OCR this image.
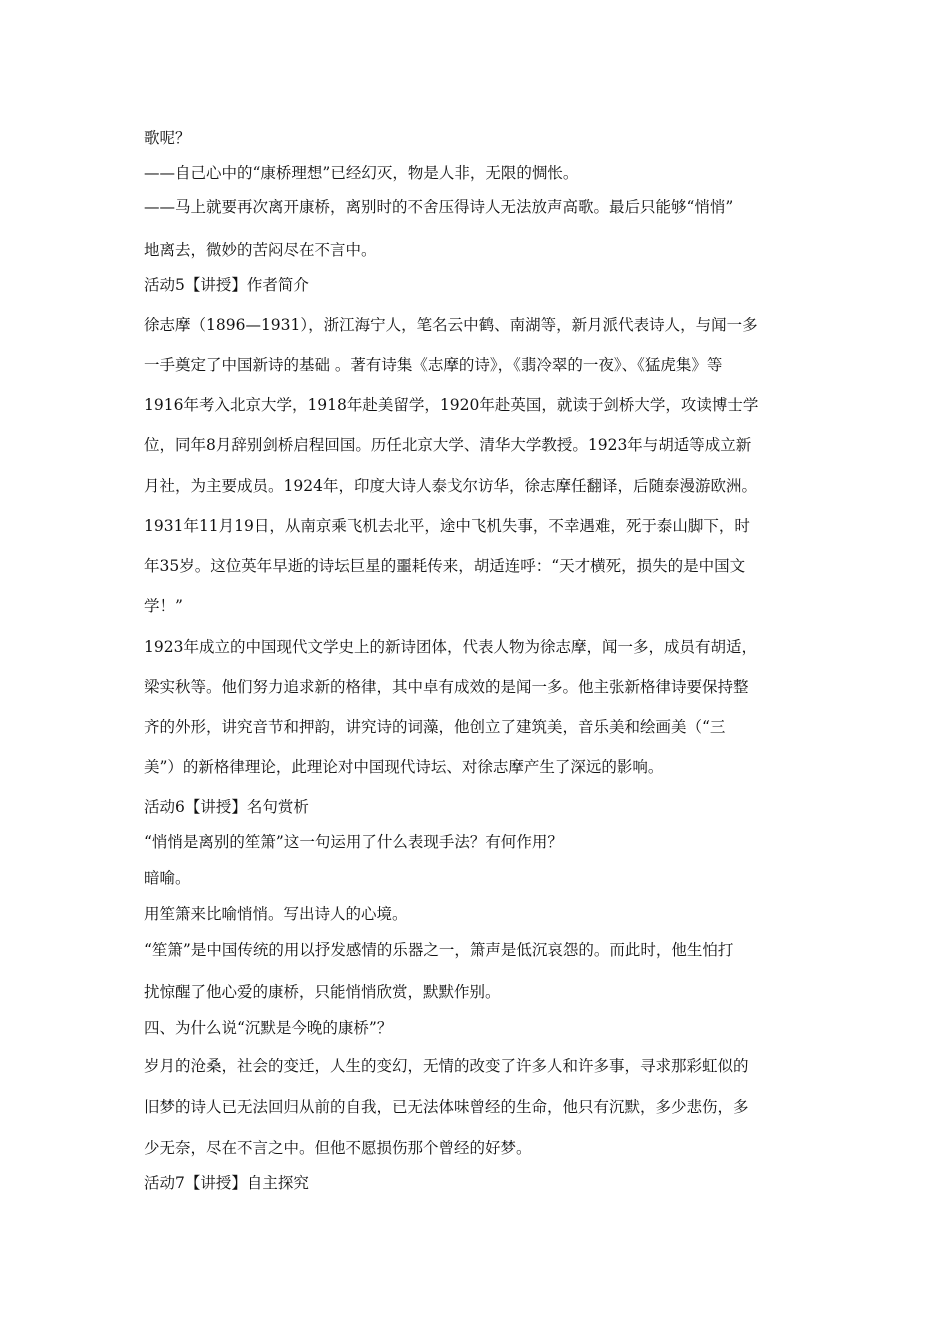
歌呢？
——自己心中的“康桥理想”已经幻灭，物是人非，无限的惆怅。
——马上就要再次离开康桥，离别时的不舍压得诗人无法放声高歌。最后只能够“悄悄”
地离去，微妙的苦闷尽在不言中。
活动5【讲授】作者简介
徐志摩（1896—1931），浙江海宁人，笔名云中鹤、南湖等，新月派代表诗人，与闻一多
一手奠定了中国新诗的基础 。著有诗集《志摩的诗》，《翡冷翠的一夜》、《猛虎集》等
1916年考入北京大学，1918年赴美留学，1920年赴英国，就读于剑桥大学，攻读博士学
位，同年8月辞别剑桥启程回国。历任北京大学、清华大学教授。1923年与胡适等成立新
月社，为主要成员。1924年，印度大诗人泰戈尔访华，徐志摩任翻译，后随泰漫游欧洲。
1931年11月19日，从南京乘飞机去北平，途中飞机失事，不幸遇难，死于泰山脚下，时
年35岁。这位英年早逝的诗坛巨星的噩耗传来，胡适连呼：“天才横死，损失的是中国文
学！”
1923年成立的中国现代文学史上的新诗团体，代表人物为徐志摩，闻一多，成员有胡适，
梁实秋等。他们努力追求新的格律，其中卓有成效的是闻一多。他主张新格律诗要保持整
齐的外形，讲究音节和押韵，讲究诗的词藻，他创立了建筑美，音乐美和绘画美（“三
美”）的新格律理论，此理论对中国现代诗坛、对徐志摩产生了深远的影响。
活动6【讲授】名句赏析
“悄悄是离别的笙箫”这一句运用了什么表现手法？有何作用？
暗喻。
用笙箫来比喻悄悄。写出诗人的心境。
“笙箫”是中国传统的用以抒发感情的乐器之一，箫声是低沉哀怨的。而此时，他生怕打
扰惊醒了他心爱的康桥，只能悄悄欣赏，默默作别。
四、为什么说“沉默是今晚的康桥”？
岁月的沧桑，社会的变迁，人生的变幻，无情的改变了许多人和许多事，寻求那彩虹似的
旧梦的诗人已无法回归从前的自我，已无法体味曾经的生命，他只有沉默，多少悲伤，多
少无奈，尽在不言之中。但他不愿损伤那个曾经的好梦。
活动7【讲授】自主探究
